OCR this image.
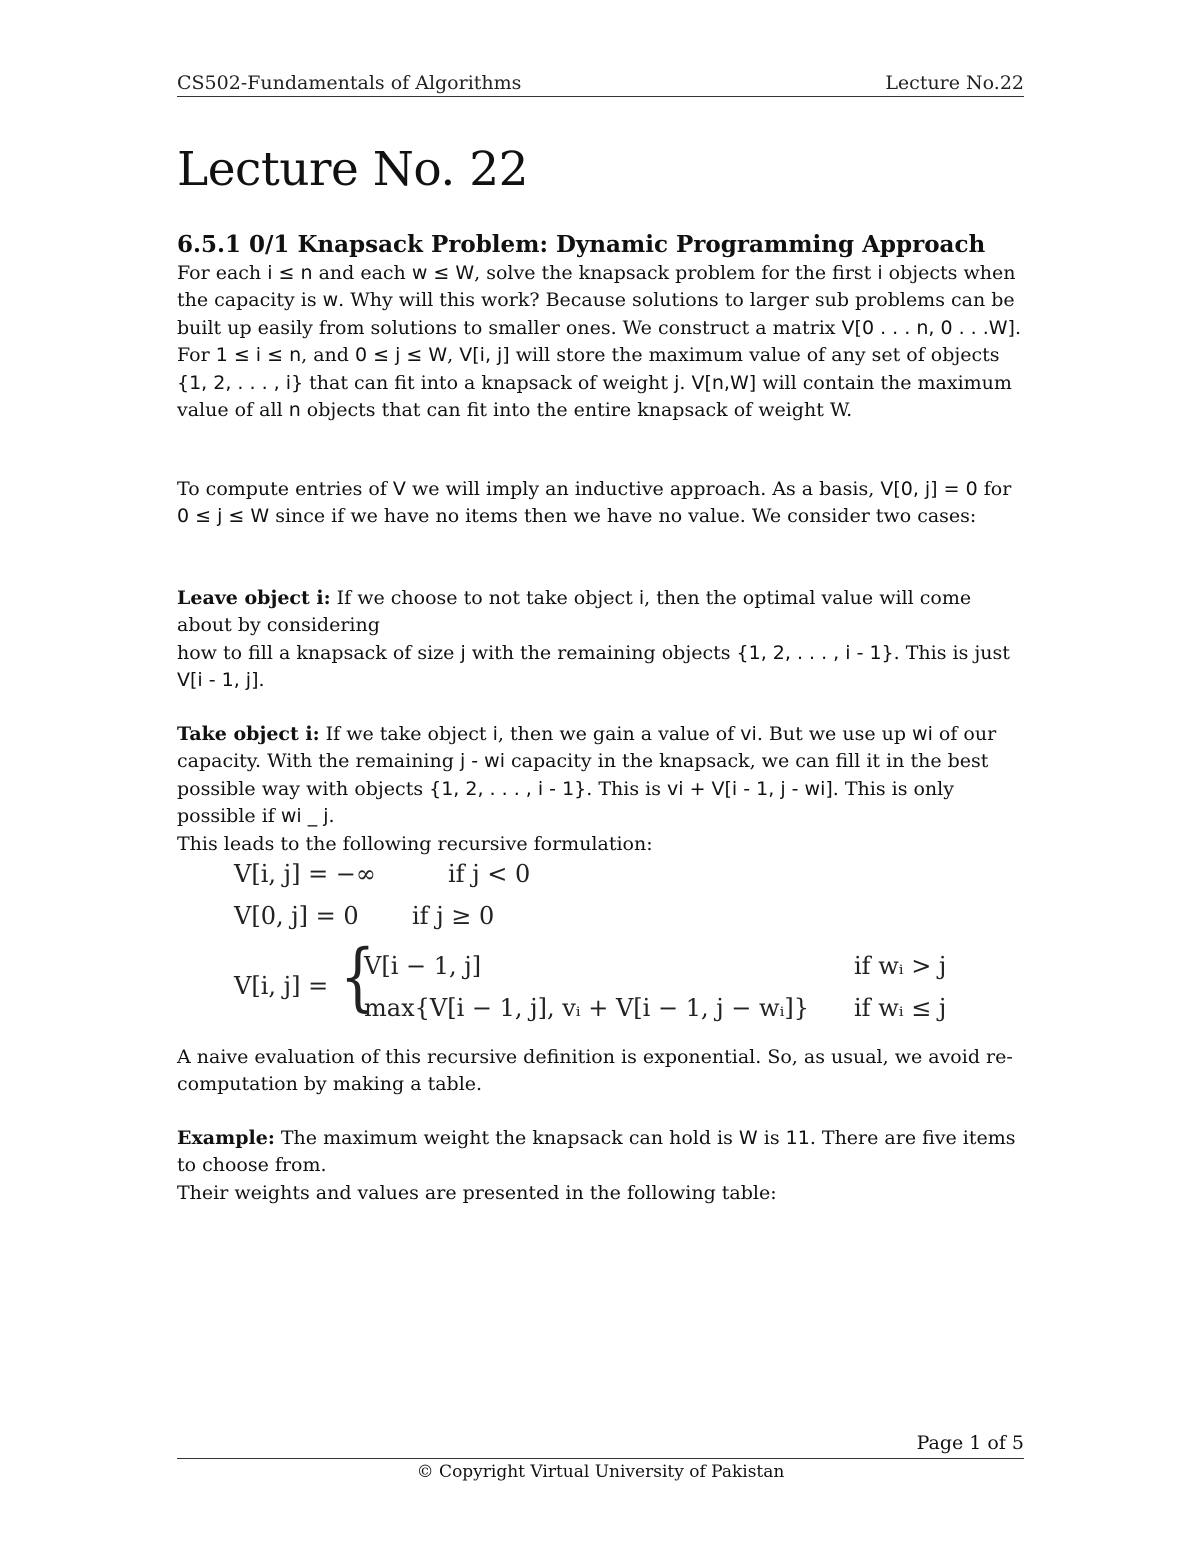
CS502-Fundamentals of Algorithms	Lecture No.22
Lecture No. 22
6.5.1 0/1 Knapsack Problem: Dynamic Programming Approach
For each i ≤ n and each w ≤ W, solve the knapsack problem for the first i objects when the capacity is w. Why will this work? Because solutions to larger sub problems can be built up easily from solutions to smaller ones. We construct a matrix V[0 . . . n, 0 . . .W]. For 1 ≤ i ≤ n, and 0 ≤ j ≤ W, V[i, j] will store the maximum value of any set of objects {1, 2, . . . , i} that can fit into a knapsack of weight j. V[n,W] will contain the maximum value of all n objects that can fit into the entire knapsack of weight W.
To compute entries of V we will imply an inductive approach. As a basis, V[0, j] = 0 for 0 ≤ j ≤ W since if we have no items then we have no value. We consider two cases:
Leave object i: If we choose to not take object i, then the optimal value will come about by considering
how to fill a knapsack of size j with the remaining objects {1, 2, . . . , i - 1}. This is just V[i - 1, j].
Take object i: If we take object i, then we gain a value of vi. But we use up wi of our capacity. With the remaining j - wi capacity in the knapsack, we can fill it in the best possible way with objects {1, 2, . . . , i - 1}. This is vi + V[i - 1, j - wi]. This is only possible if wi _ j.
This leads to the following recursive formulation:
V[i, j] = −∞	if j < 0
V[0, j] = 0 if j ≥ 0
V[i, j] = {
V[i − 1, j]	if wᵢ > j
max{V[i − 1, j], vᵢ + V[i − 1, j − wᵢ]} if wᵢ ≤ j
A naive evaluation of this recursive definition is exponential. So, as usual, we avoid re-computation by making a table.
Example: The maximum weight the knapsack can hold is W is 11. There are five items to choose from.
Their weights and values are presented in the following table:
Page 1 of 5
© Copyright Virtual University of Pakistan
